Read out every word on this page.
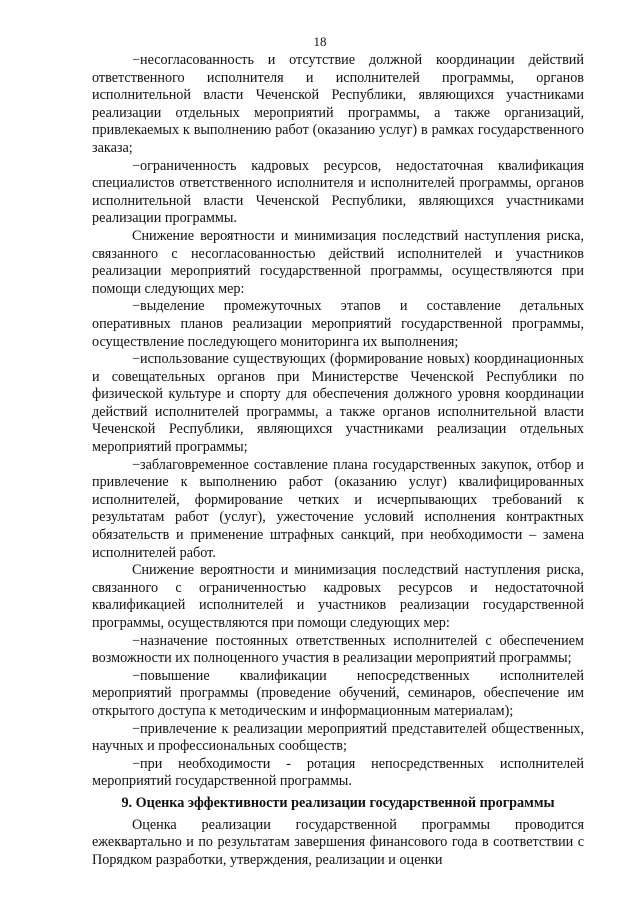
18

−несогласованность и отсутствие должной координации действий ответственного исполнителя и исполнителей программы, органов исполнительной власти Чеченской Республики, являющихся участниками реализации отдельных мероприятий программы, а также организаций, привлекаемых к выполнению работ (оказанию услуг) в рамках государственного заказа;

−ограниченность кадровых ресурсов, недостаточная квалификация специалистов ответственного исполнителя и исполнителей программы, органов исполнительной власти Чеченской Республики, являющихся участниками реализации программы.

Снижение вероятности и минимизация последствий наступления риска, связанного с несогласованностью действий исполнителей и участников реализации мероприятий государственной программы, осуществляются при помощи следующих мер:

−выделение промежуточных этапов и составление детальных оперативных планов реализации мероприятий государственной программы, осуществление последующего мониторинга их выполнения;

−использование существующих (формирование новых) координационных и совещательных органов при Министерстве Чеченской Республики по физической культуре и спорту для обеспечения должного уровня координации действий исполнителей программы, а также органов исполнительной власти Чеченской Республики, являющихся участниками реализации отдельных мероприятий программы;

−заблаговременное составление плана государственных закупок, отбор и привлечение к выполнению работ (оказанию услуг) квалифицированных исполнителей, формирование четких и исчерпывающих требований к результатам работ (услуг), ужесточение условий исполнения контрактных обязательств и применение штрафных санкций, при необходимости – замена исполнителей работ.

Снижение вероятности и минимизация последствий наступления риска, связанного с ограниченностью кадровых ресурсов и недостаточной квалификацией исполнителей и участников реализации государственной программы, осуществляются при помощи следующих мер:

−назначение постоянных ответственных исполнителей с обеспечением возможности их полноценного участия в реализации мероприятий программы;

−повышение квалификации непосредственных исполнителей мероприятий программы (проведение обучений, семинаров, обеспечение им открытого доступа к методическим и информационным материалам);

−привлечение к реализации мероприятий представителей общественных, научных и профессиональных сообществ;

−при необходимости - ротация непосредственных исполнителей мероприятий государственной программы.

9. Оценка эффективности реализации государственной программы

Оценка реализации государственной программы проводится ежеквартально и по результатам завершения финансового года в соответствии с Порядком разработки, утверждения, реализации и оценки
